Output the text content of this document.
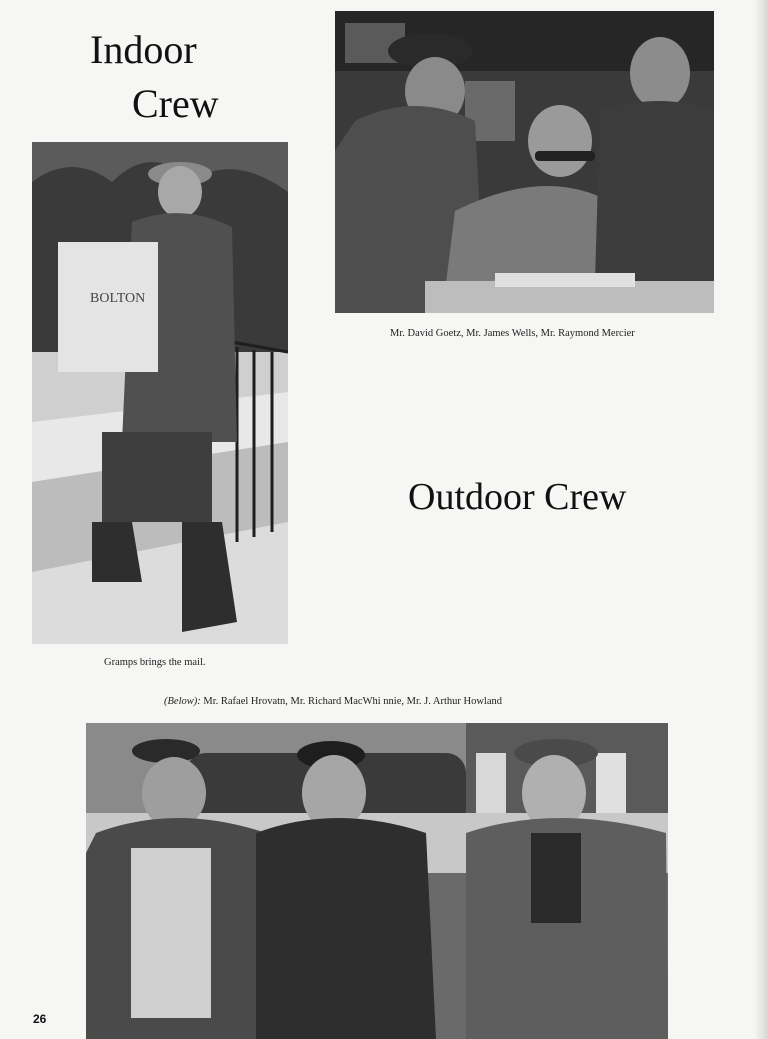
Indoor
Crew
BOLTON
Mr. David Goetz, Mr. James Wells, Mr. Raymond Mercier
Outdoor Crew
Gramps brings the mail.
(Below): Mr. Rafael Hrovatn, Mr. Richard MacWhi nnie, Mr. J. Arthur Howland
26
